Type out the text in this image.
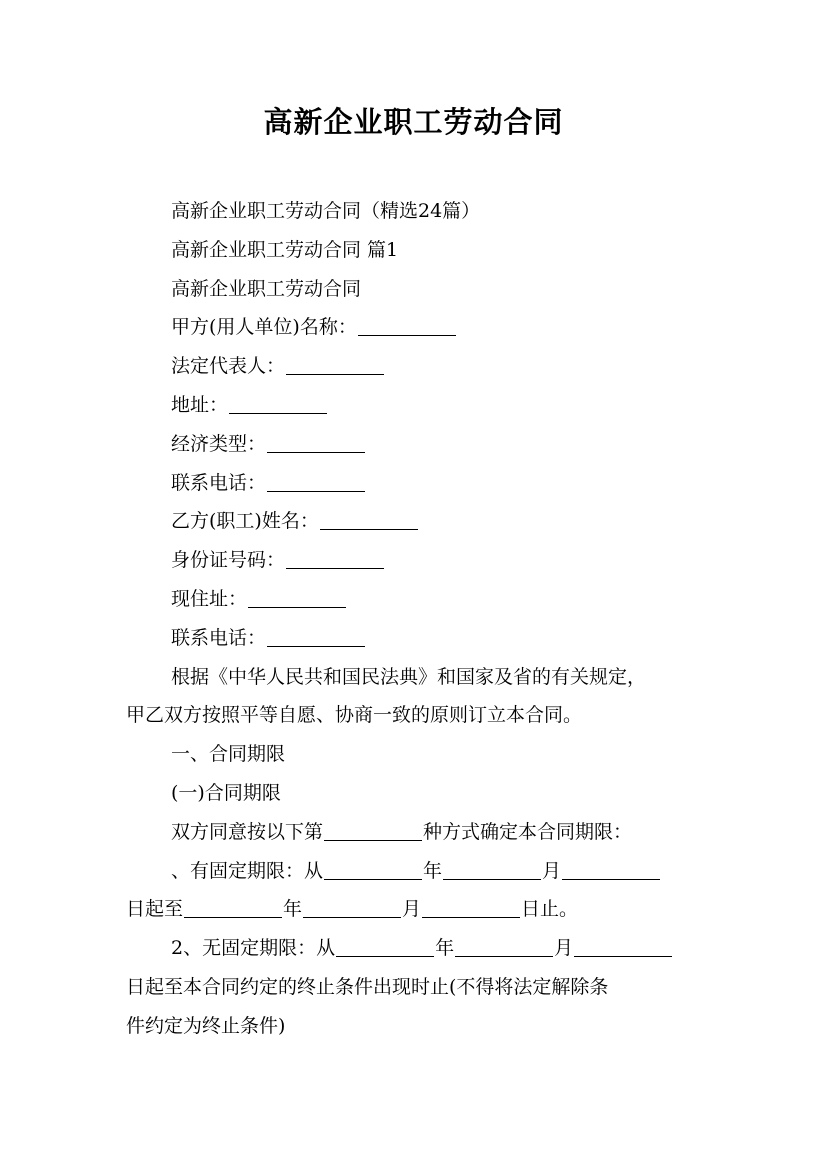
高新企业职工劳动合同

高新企业职工劳动合同（精选24篇）

高新企业职工劳动合同 篇1

高新企业职工劳动合同

甲方(用人单位)名称：

法定代表人：

地址：

经济类型：

联系电话：

乙方(职工)姓名：

身份证号码：

现住址：

联系电话：

根据《中华人民共和国民法典》和国家及省的有关规定，

甲乙双方按照平等自愿、协商一致的原则订立本合同。

一、合同期限

(一)合同期限

双方同意按以下第	种方式确定本合同期限：

、有固定期限：从	年	月

日起至	年	月	日止。

2、无固定期限：从	年	月

日起至本合同约定的终止条件出现时止(不得将法定解除条

件约定为终止条件)
